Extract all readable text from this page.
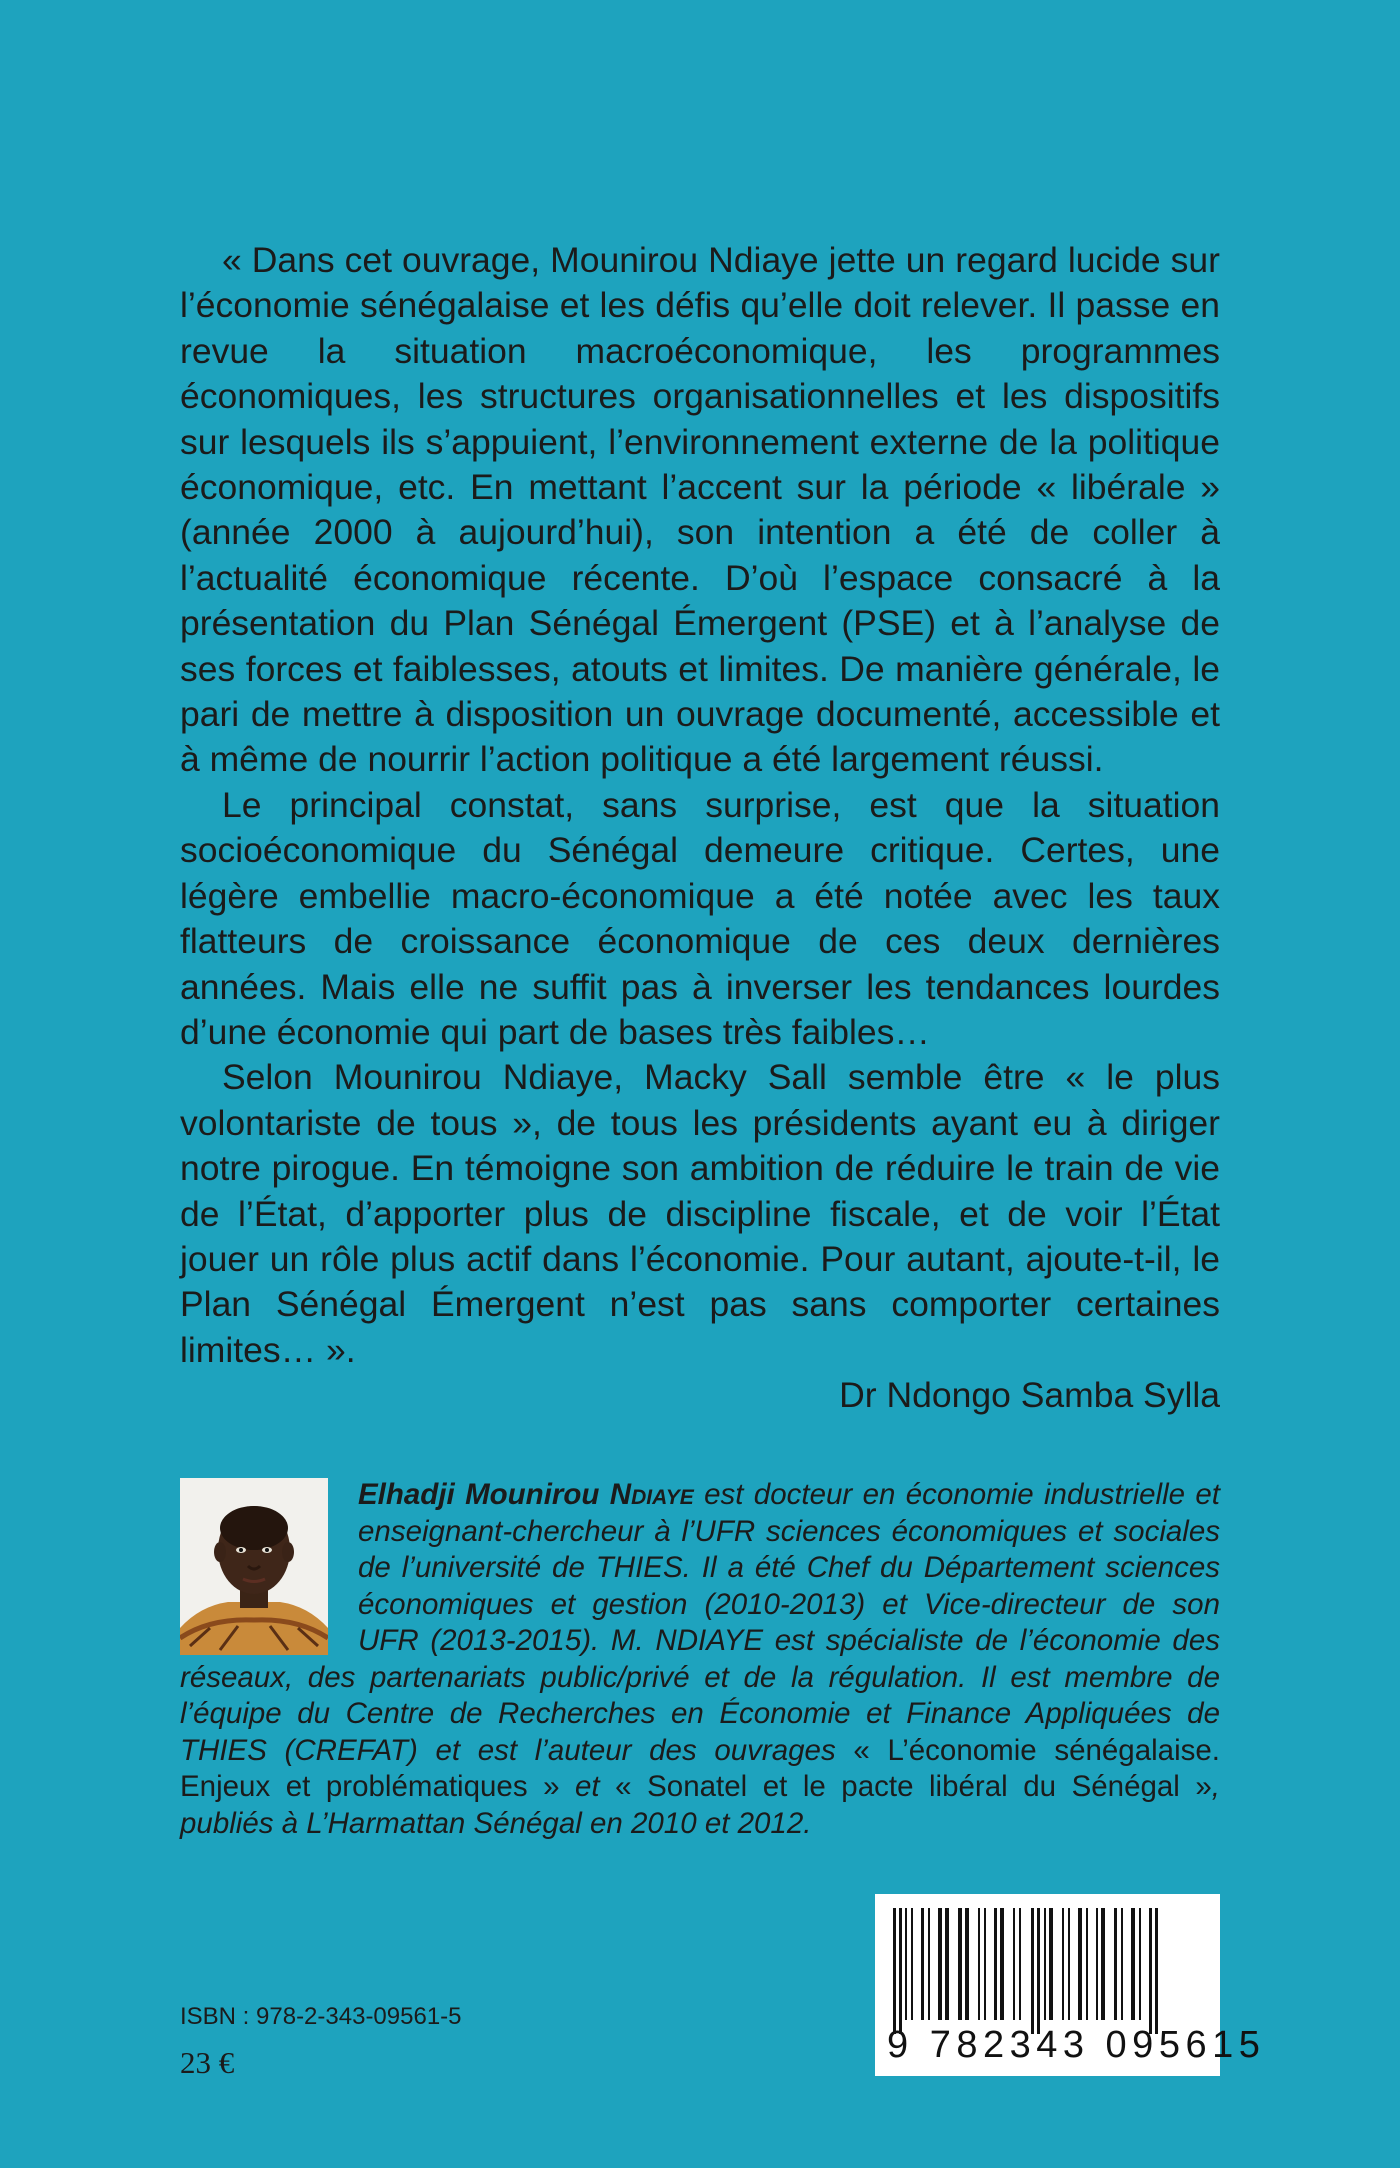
« Dans cet ouvrage, Mounirou Ndiaye jette un regard lucide sur l’économie sénégalaise et les défis qu’elle doit relever. Il passe en revue la situation macroéconomique, les programmes économiques, les structures organisationnelles et les dispositifs sur lesquels ils s’appuient, l’environnement externe de la politique économique, etc. En mettant l’accent sur la période « libérale » (année 2000 à aujourd’hui), son intention a été de coller à l’actualité économique récente. D’où l’espace consacré à la présentation du Plan Sénégal Émergent (PSE) et à l’analyse de ses forces et faiblesses, atouts et limites. De manière générale, le pari de mettre à disposition un ouvrage documenté, accessible et à même de nourrir l’action politique a été largement réussi.

Le principal constat, sans surprise, est que la situation socioéconomique du Sénégal demeure critique. Certes, une légère embellie macro-économique a été notée avec les taux flatteurs de croissance économique de ces deux dernières années. Mais elle ne suffit pas à inverser les tendances lourdes d’une économie qui part de bases très faibles…

Selon Mounirou Ndiaye, Macky Sall semble être « le plus volontariste de tous », de tous les présidents ayant eu à diriger notre pirogue. En témoigne son ambition de réduire le train de vie de l’État, d’apporter plus de discipline fiscale, et de voir l’État jouer un rôle plus actif dans l’économie. Pour autant, ajoute-t-il, le Plan Sénégal Émergent n’est pas sans comporter certaines limites… ».

Dr Ndongo Samba Sylla

Elhadji Mounirou Ndiaye est docteur en économie industrielle et enseignant-chercheur à l’UFR sciences économiques et sociales de l’université de THIES. Il a été Chef du Département sciences économiques et gestion (2010-2013) et Vice-directeur de son UFR (2013-2015). M. NDIAYE est spécialiste de l’économie des réseaux, des partenariats public/privé et de la régulation. Il est membre de l’équipe du Centre de Recherches en Économie et Finance Appliquées de THIES (CREFAT) et est l’auteur des ouvrages « L’économie sénégalaise. Enjeux et problématiques » et « Sonatel et le pacte libéral du Sénégal », publiés à L’Harmattan Sénégal en 2010 et 2012.
9 782343 095615
ISBN : 978-2-343-09561-5
23 €
